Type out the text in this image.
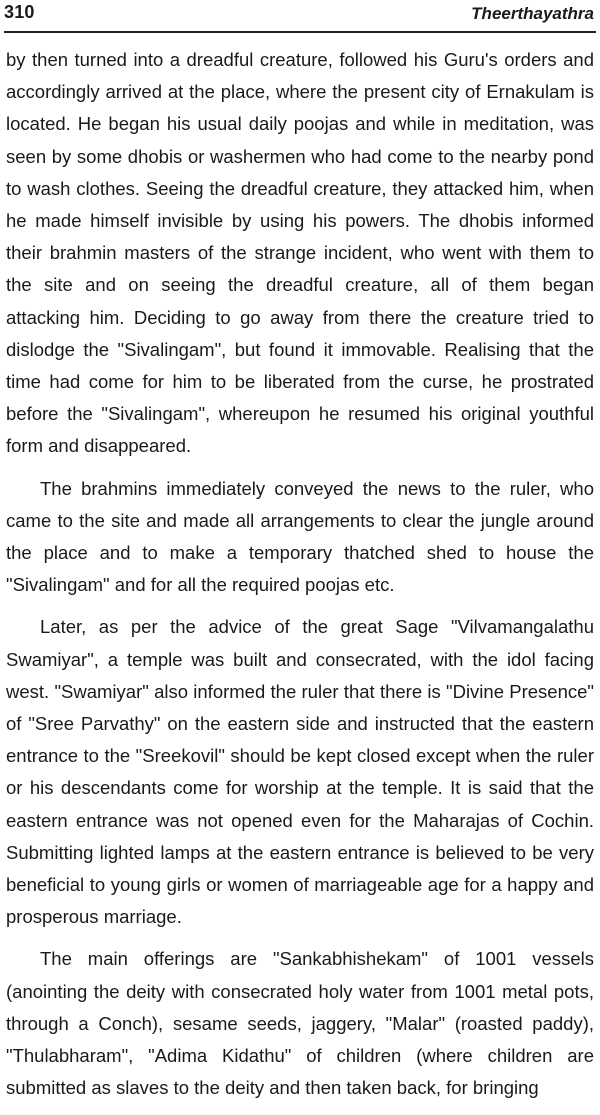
310	Theerthayathra

by then turned into a dreadful creature, followed his Guru's orders and accordingly arrived at the place, where the present city of Ernakulam is located. He began his usual daily poojas and while in meditation, was seen by some dhobis or washermen who had come to the nearby pond to wash clothes. Seeing the dreadful creature, they attacked him, when he made himself invisible by using his powers. The dhobis informed their brahmin masters of the strange incident, who went with them to the site and on seeing the dreadful creature, all of them began attacking him. Deciding to go away from there the creature tried to dislodge the "Sivalingam", but found it immovable. Realising that the time had come for him to be liberated from the curse, he prostrated before the "Sivalingam", whereupon he resumed his original youthful form and disappeared.

The brahmins immediately conveyed the news to the ruler, who came to the site and made all arrangements to clear the jungle around the place and to make a temporary thatched shed to house the "Sivalingam" and for all the required poojas etc.

Later, as per the advice of the great Sage "Vilvamangalathu Swamiyar", a temple was built and consecrated, with the idol facing west. "Swamiyar" also informed the ruler that there is "Divine Presence" of "Sree Parvathy" on the eastern side and instructed that the eastern entrance to the "Sreekovil" should be kept closed except when the ruler or his descendants come for worship at the temple. It is said that the eastern entrance was not opened even for the Maharajas of Cochin. Submitting lighted lamps at the eastern entrance is believed to be very beneficial to young girls or women of marriageable age for a happy and prosperous marriage.

The main offerings are "Sankabhishekam" of 1001 vessels (anointing the deity with consecrated holy water from 1001 metal pots, through a Conch), sesame seeds, jaggery, "Malar" (roasted paddy), "Thulabharam", "Adima Kidathu" of children (where children are submitted as slaves to the deity and then taken back, for bringing
